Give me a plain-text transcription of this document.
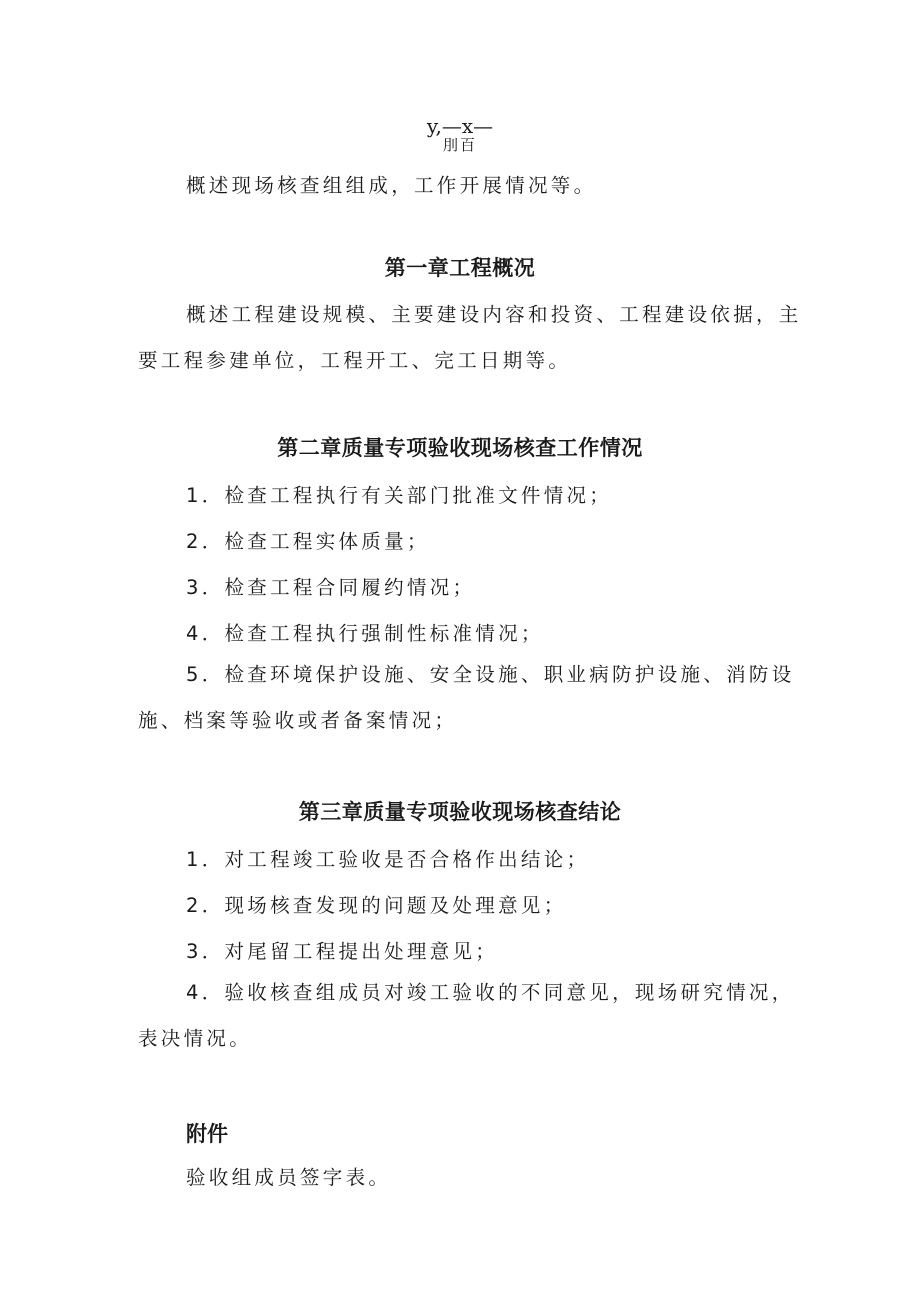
y,—x—
刖百
概述现场核查组组成，工作开展情况等。
第一章工程概况
概述工程建设规模、主要建设内容和投资、工程建设依据，主要工程参建单位，工程开工、完工日期等。
第二章质量专项验收现场核查工作情况
1．检查工程执行有关部门批准文件情况；
2．检查工程实体质量；
3．检查工程合同履约情况；
4．检查工程执行强制性标准情况；
5．检查环境保护设施、安全设施、职业病防护设施、消防设施、档案等验收或者备案情况；
第三章质量专项验收现场核查结论
1．对工程竣工验收是否合格作出结论；
2．现场核查发现的问题及处理意见；
3．对尾留工程提出处理意见；
4．验收核查组成员对竣工验收的不同意见，现场研究情况，表决情况。
附件
验收组成员签字表。
